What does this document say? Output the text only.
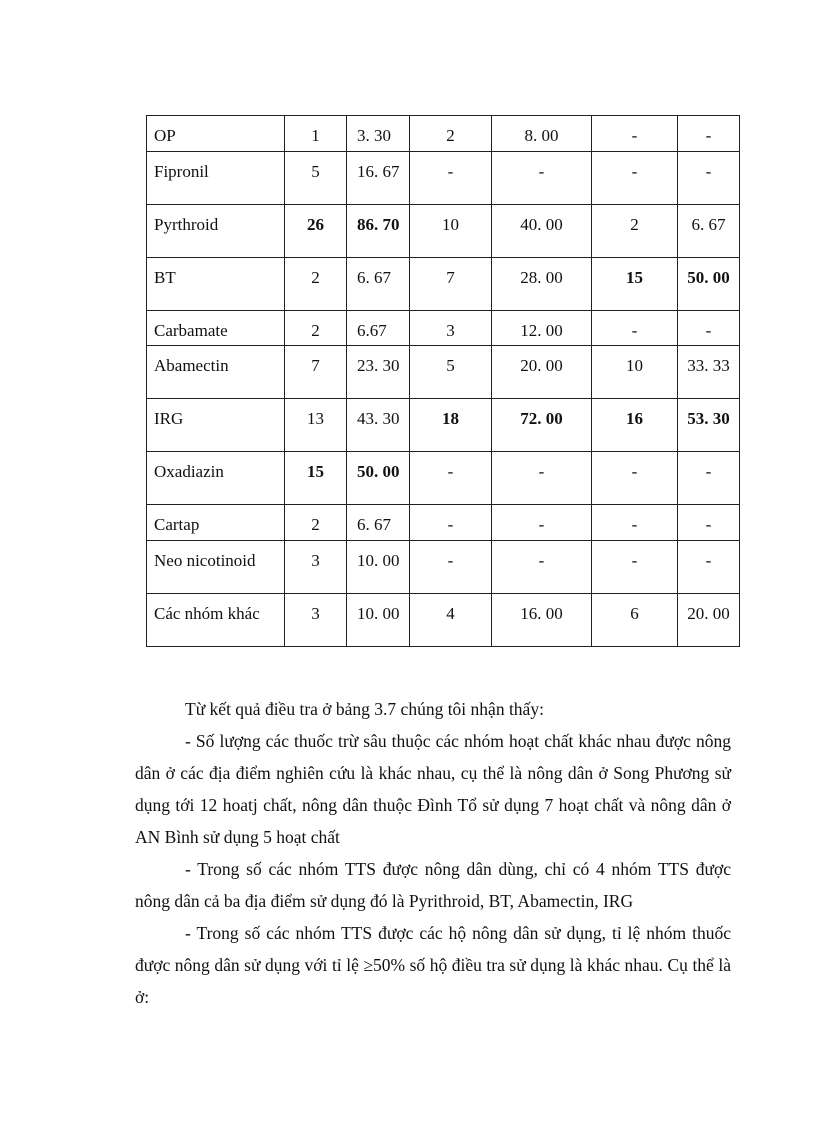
OP	1	3. 30	2	8. 00	-	-
Fipronil	5	16. 67	-	-	-	-
Pyrthroid	26	86. 70	10	40. 00	2	6. 67
BT	2	6. 67	7	28. 00	15	50. 00
Carbamate	2	6.67	3	12. 00	-	-
Abamectin	7	23. 30	5	20. 00	10	33. 33
IRG	13	43. 30	18	72. 00	16	53. 30
Oxadiazin	15	50. 00	-	-	-	-
Cartap	2	6. 67	-	-	-	-
Neo nicotinoid	3	10. 00	-	-	-	-
Các nhóm khác	3	10. 00	4	16. 00	6	20. 00

Từ kết quả điều tra ở bảng 3.7 chúng tôi nhận thấy:

- Số lượng các thuốc trừ sâu thuộc các nhóm hoạt chất khác nhau được nông dân ở các địa điểm nghiên cứu là khác nhau, cụ thể là nông dân ở Song Phương sử dụng tới 12 hoatj chất, nông dân thuộc Đình Tổ sử dụng 7 hoạt chất và nông dân ở AN Bình sử dụng 5 hoạt chất

- Trong số các nhóm TTS được nông dân dùng, chỉ có 4 nhóm TTS được nông dân cả ba địa điểm sử dụng đó là Pyrithroid, BT, Abamectin, IRG

- Trong số các nhóm TTS được các hộ nông dân sử dụng, tỉ lệ nhóm thuốc được nông dân sử dụng với tỉ lệ ≥50% số hộ điều tra sử dụng là khác nhau. Cụ thể là ở:
